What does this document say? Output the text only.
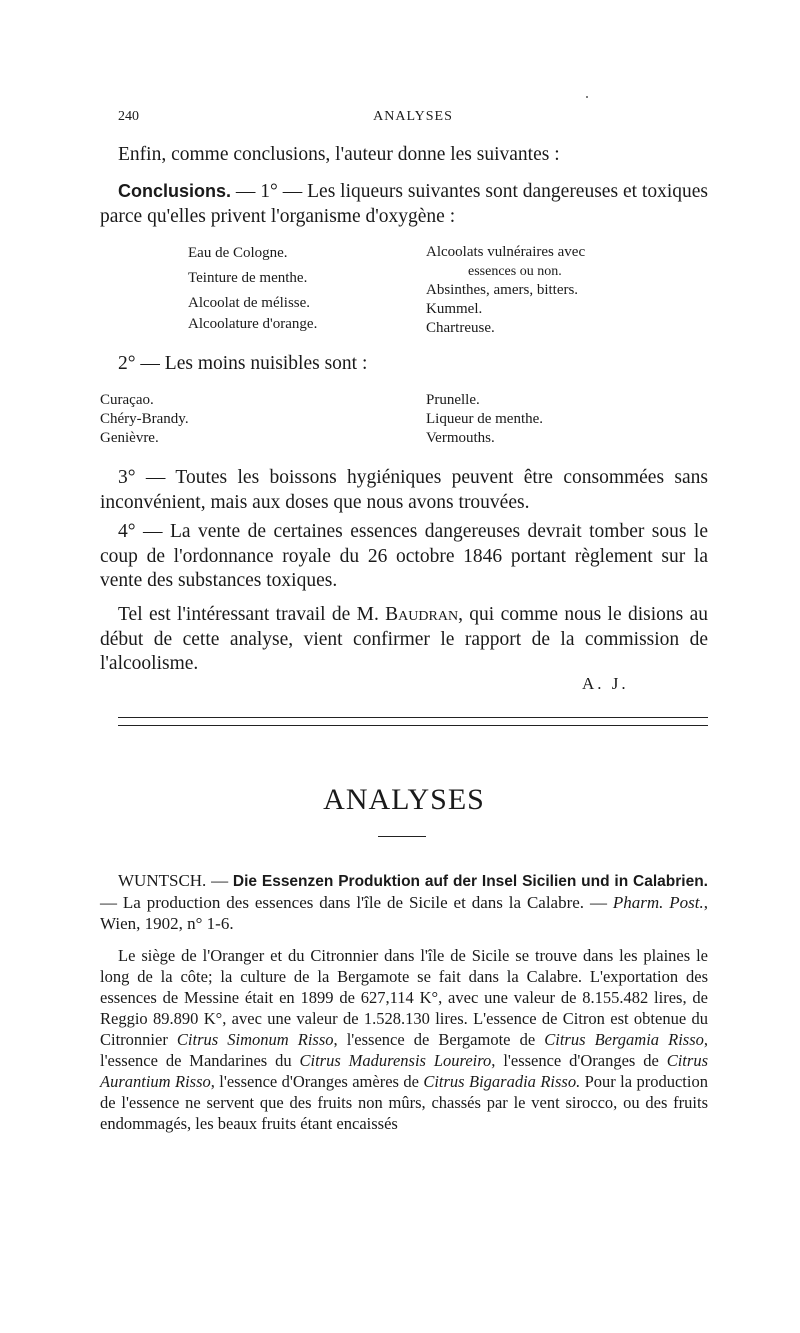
240	ANALYSES
Enfin, comme conclusions, l'auteur donne les suivantes :
Conclusions. — 1° — Les liqueurs suivantes sont dangereuses et toxiques parce qu'elles privent l'organisme d'oxygène :
Eau de Cologne.
Teinture de menthe.
Alcoolat de mélisse.
Alcoolature d'orange.
Alcoolats vulnéraires avec
essences ou non.
Absinthes, amers, bitters.
Kummel.
Chartreuse.
2° — Les moins nuisibles sont :
Curaçao.
Chéry-Brandy.
Genièvre.
Prunelle.
Liqueur de menthe.
Vermouths.
3° — Toutes les boissons hygiéniques peuvent être consommées sans inconvénient, mais aux doses que nous avons trouvées.
4° — La vente de certaines essences dangereuses devrait tomber sous le coup de l'ordonnance royale du 26 octobre 1846 portant règlement sur la vente des substances toxiques.
Tel est l'intéressant travail de M. Baudran, qui comme nous le disions au début de cette analyse, vient confirmer le rapport de la commission de l'alcoolisme.
A. J.
ANALYSES
WUNTSCH. — Die Essenzen Produktion auf der Insel Sicilien und in Calabrien. — La production des essences dans l'île de Sicile et dans la Calabre. — Pharm. Post., Wien, 1902, n° 1-6.
Le siège de l'Oranger et du Citronnier dans l'île de Sicile se trouve dans les plaines le long de la côte; la culture de la Bergamote se fait dans la Calabre. L'exportation des essences de Messine était en 1899 de 627,114 K°, avec une valeur de 8.155.482 lires, de Reggio 89.890 K°, avec une valeur de 1.528.130 lires. L'essence de Citron est obtenue du Citronnier Citrus Simonum Risso, l'essence de Bergamote de Citrus Bergamia Risso, l'essence de Mandarines du Citrus Madurensis Loureiro, l'essence d'Oranges de Citrus Aurantium Risso, l'essence d'Oranges amères de Citrus Bigaradia Risso. Pour la production de l'essence ne servent que des fruits non mûrs, chassés par le vent sirocco, ou des fruits endommagés, les beaux fruits étant encaissés
